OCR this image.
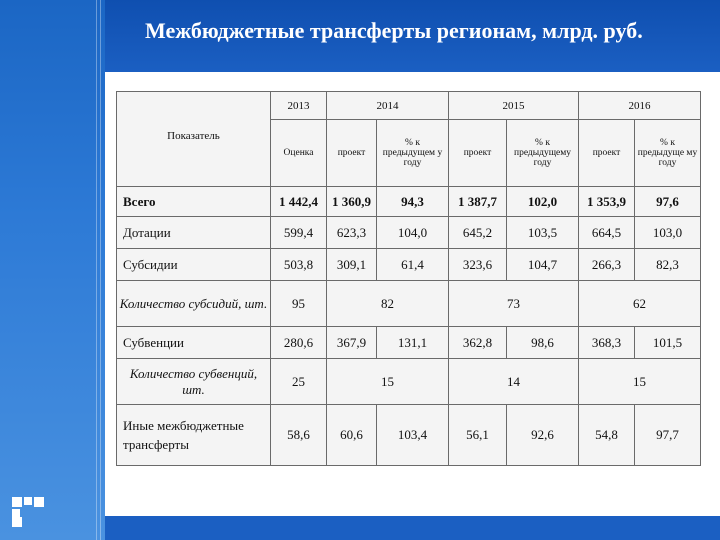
Межбюджетные трансферты регионам, млрд. руб.
Показатель	2013	2014		2015		2016	
	Оценка	проект	% к предыдущем у году	проект	% к предыдущему году	проект	% к предыдуще му году
Всего	1 442,4	1 360,9	94,3	1 387,7	102,0	1 353,9	97,6
Дотации	599,4	623,3	104,0	645,2	103,5	664,5	103,0
Субсидии	503,8	309,1	61,4	323,6	104,7	266,3	82,3
Количество субсидий, шт.	95	82		73		62	
Субвенции	280,6	367,9	131,1	362,8	98,6	368,3	101,5
Количество субвенций, шт.	25	15		14		15	
Иные межбюджетные трансферты	58,6	60,6	103,4	56,1	92,6	54,8	97,7
